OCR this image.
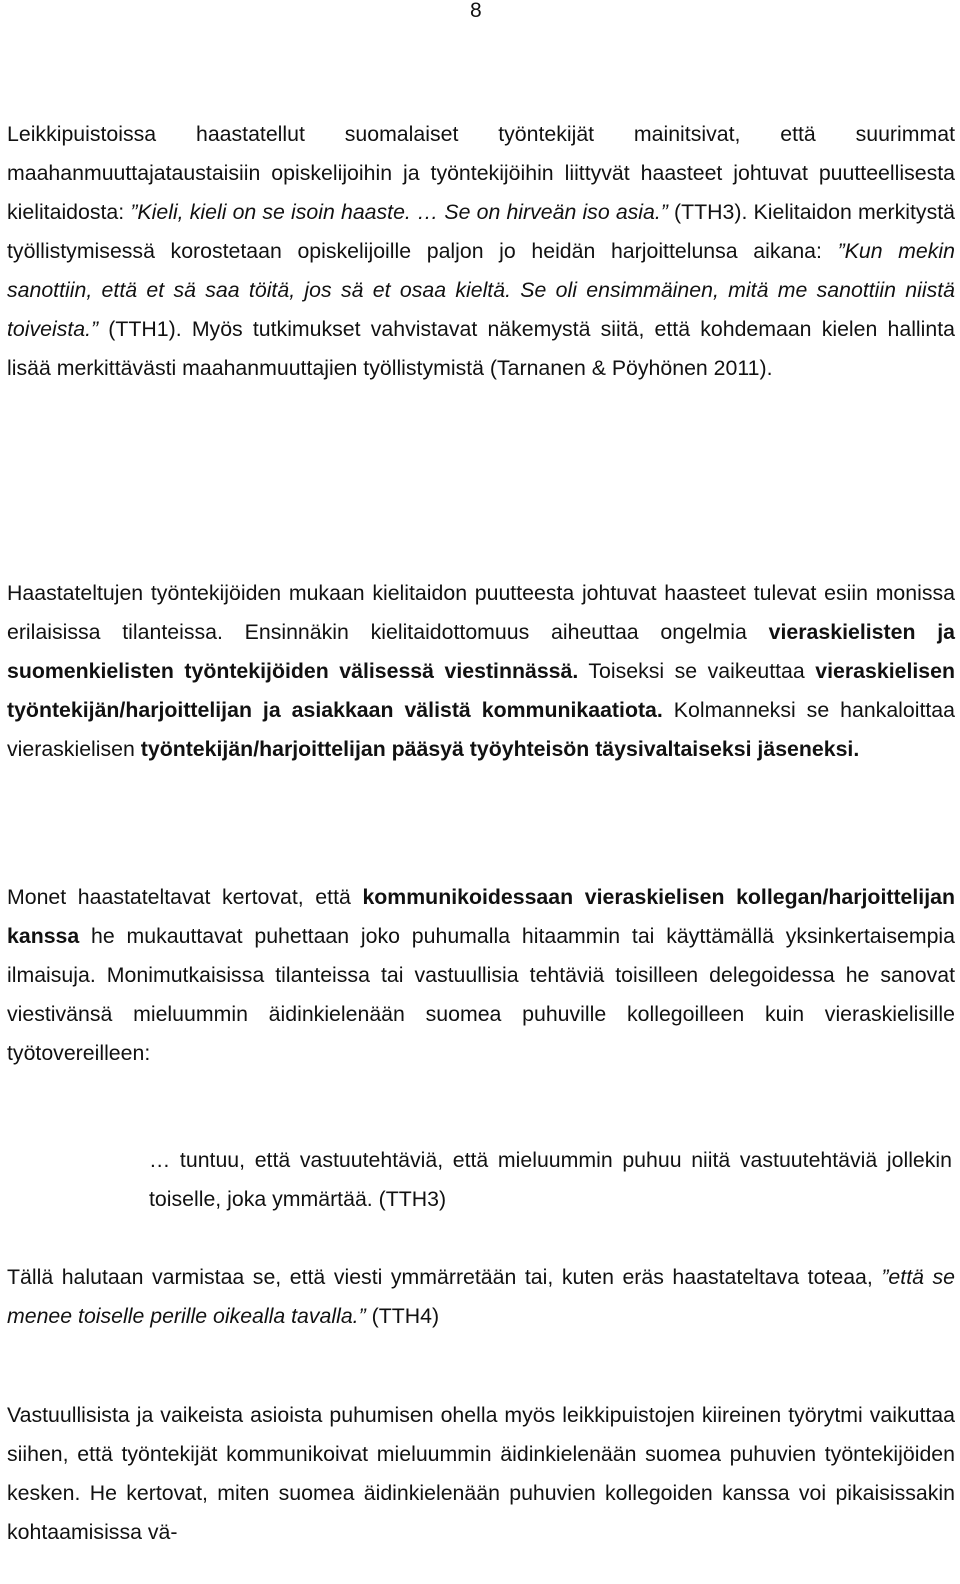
8

Leikkipuistoissa haastatellut suomalaiset työntekijät mainitsivat, että suurimmat maahanmuuttajataustaisiin opiskelijoihin ja työntekijöihin liittyvät haasteet johtuvat puutteellisesta kielitaidosta: ”Kieli, kieli on se isoin haaste. … Se on hirveän iso asia.” (TTH3). Kielitaidon merkitystä työllistymisessä korostetaan opiskelijoille paljon jo heidän harjoittelunsa aikana: ”Kun mekin sanottiin, että et sä saa töitä, jos sä et osaa kieltä. Se oli ensimmäinen, mitä me sanottiin niistä toiveista.” (TTH1). Myös tutkimukset vahvistavat näkemystä siitä, että kohdemaan kielen hallinta lisää merkittävästi maahanmuuttajien työllistymistä (Tarnanen & Pöyhönen 2011).

Haastateltujen työntekijöiden mukaan kielitaidon puutteesta johtuvat haasteet tulevat esiin monissa erilaisissa tilanteissa. Ensinnäkin kielitaidottomuus aiheuttaa ongelmia vieraskielisten ja suomenkielisten työntekijöiden välisessä viestinnässä. Toiseksi se vaikeuttaa vieraskielisen työntekijän/harjoittelijan ja asiakkaan välistä kommunikaatiota. Kolmanneksi se hankaloittaa vieraskielisen työntekijän/harjoittelijan pääsyä työyhteisön täysivaltaiseksi jäseneksi.

Monet haastateltavat kertovat, että kommunikoidessaan vieraskielisen kollegan/harjoittelijan kanssa he mukauttavat puhettaan joko puhumalla hitaammin tai käyttämällä yksinkertaisempia ilmaisuja. Monimutkaisissa tilanteissa tai vastuullisia tehtäviä toisilleen delegoidessa he sanovat viestivänsä mieluummin äidinkielenään suomea puhuville kollegoilleen kuin vieraskielisille työtovereilleen:

… tuntuu, että vastuutehtäviä, että mieluummin puhuu niitä vastuutehtäviä jollekin toiselle, joka ymmärtää. (TTH3)

Tällä halutaan varmistaa se, että viesti ymmärretään tai, kuten eräs haastateltava toteaa, ”että se menee toiselle perille oikealla tavalla.” (TTH4)

Vastuullisista ja vaikeista asioista puhumisen ohella myös leikkipuistojen kiireinen työrytmi vaikuttaa siihen, että työntekijät kommunikoivat mieluummin äidinkielenään suomea puhuvien työntekijöiden kesken. He kertovat, miten suomea äidinkielenään puhuvien kollegoiden kanssa voi pikaisissakin kohtaamisissa vä-
